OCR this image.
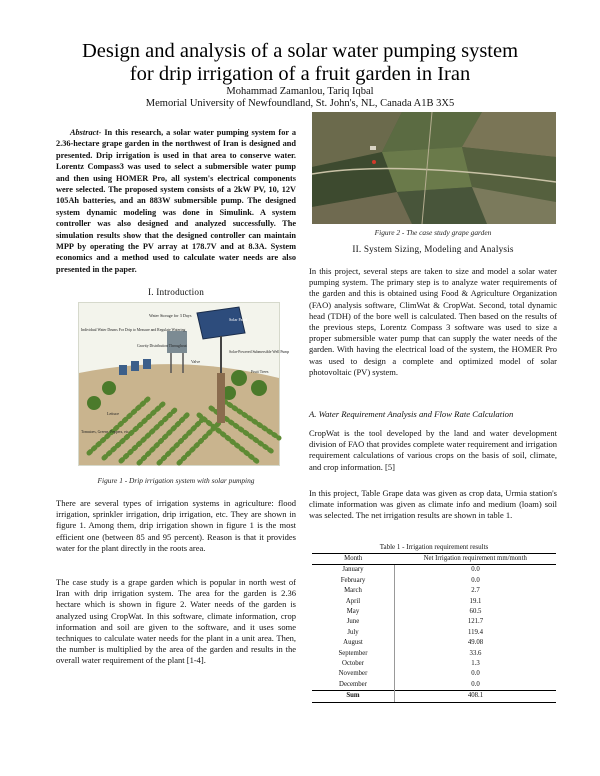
Design and analysis of a solar water pumping system
for drip irrigation of a fruit garden in Iran
Mohammad Zamanlou, Tariq Iqbal
Memorial University of Newfoundland, St. John's, NL, Canada A1B 3X5

Abstract- In this research, a solar water pumping system for a 2.36-hectare grape garden in the northwest of Iran is designed and presented. Drip irrigation is used in that area to conserve water. Lorentz Compass3 was used to select a submersible water pump and then using HOMER Pro, all system's electrical components were selected. The proposed system consists of a 2kW PV, 10, 12V 105Ah batteries, and an 883W submersible pump. The designed system dynamic modeling was done in Simulink. A system controller was also designed and analyzed successfully. The simulation results show that the designed controller can maintain MPP by operating the PV array at 178.7V and at 8.3A. System economics and a method used to calculate water needs are also presented in the paper.

I. Introduction
Water Storage for 3 Days
Individual Water Drums For Drip to Measure and Regulate Watering
Gravity Distribution Throughout
Solar-Powered Submersible Well Pump
Valve
Tomatoes, Greens, Peppers, etc.
Fruit Trees
Lettuce
Solar Panel
Figure 1 - Drip irrigation system with solar pumping

There are several types of irrigation systems in agriculture: flood irrigation, sprinkler irrigation, drip irrigation, etc. They are shown in figure 1. Among them, drip irrigation shown in figure 1 is the most efficient one (between 85 and 95 percent). Reason is that it provides water for the plant directly in the roots area.

The case study is a grape garden which is popular in north west of Iran with drip irrigation system. The area for the garden is 2.36 hectare which is shown in figure 2. Water needs of the garden is analyzed using CropWat. In this software, climate information, crop information and soil are given to the software, and it uses some techniques to calculate water needs for the plant in a unit area. Then, the number is multiplied by the area of the garden and results in the overall water requirement of the plant [1-4].

Figure 2 - The case study grape garden
II. System Sizing, Modeling and Analysis

In this project, several steps are taken to size and model a solar water pumping system. The primary step is to analyze water requirements of the garden and this is obtained using Food & Agriculture Organization (FAO) analysis software, ClimWat & CropWat. Second, total dynamic head (TDH) of the bore well is calculated. Then based on the results of the previous steps, Lorentz Compass 3 software was used to size a proper submersible water pump that can supply the water needs of the garden. With having the electrical load of the system, the HOMER Pro was used to design a complete and optimized model of solar photovoltaic (PV) system.

A. Water Requirement Analysis and Flow Rate Calculation

CropWat is the tool developed by the land and water development division of FAO that provides complete water requirement and irrigation requirement calculations of various crops on the basis of soil, climate, and crop information. [5]

In this project, Table Grape data was given as crop data, Urmia station's climate information was given as climate info and medium (loam) soil was selected. The net irrigation results are shown in table 1.

Table 1 - Irrigation requirement results
Month	Net Irrigation requirement mm/month
January	0.0
February	0.0
March	2.7
April	19.1
May	60.5
June	121.7
July	119.4
August	49.08
September	33.6
October	1.3
November	0.0
December	0.0
Sum	408.1
